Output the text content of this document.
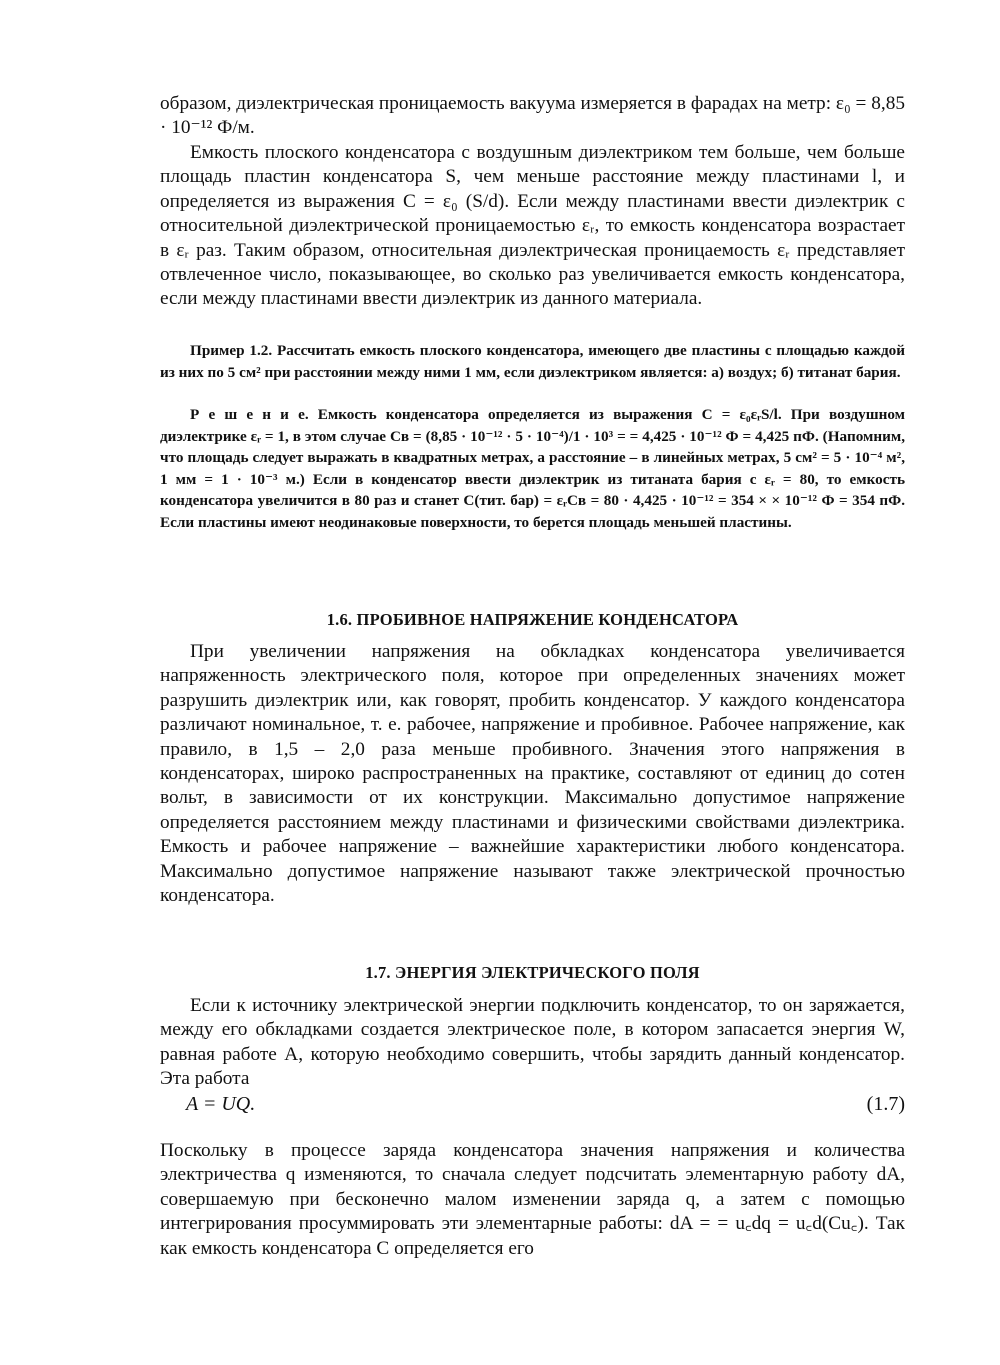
образом, диэлектрическая проницаемость вакуума измеряется в фарадах на метр: ε₀ = 8,85 · 10⁻¹² Ф/м.

Емкость плоского конденсатора с воздушным диэлектриком тем больше, чем больше площадь пластин конденсатора S, чем меньше расстояние между пластинами l, и определяется из выражения C = ε₀ (S/d). Если между пластинами ввести диэлектрик с относительной диэлектрической проницаемостью εᵣ, то емкость конденсатора возрастает в εᵣ раз. Таким образом, относительная диэлектрическая проницаемость εᵣ представляет отвлеченное число, показывающее, во сколько раз увеличивается емкость конденсатора, если между пластинами ввести диэлектрик из данного материала.

Пример 1.2. Рассчитать емкость плоского конденсатора, имеющего две пластины с площадью каждой из них по 5 см² при расстоянии между ними 1 мм, если диэлектриком является: а) воздух; б) титанат бария.

Р е ш е н и е. Емкость конденсатора определяется из выражения C = ε₀εᵣS/l. При воздушном диэлектрике εᵣ = 1, в этом случае Cв = (8,85 · 10⁻¹² · 5 · 10⁻⁴)/1 · 10³ = = 4,425 · 10⁻¹² Ф = 4,425 пФ. (Напомним, что площадь следует выражать в квадратных метрах, а расстояние – в линейных метрах, 5 см² = 5 · 10⁻⁴ м², 1 мм = 1 · 10⁻³ м.) Если в конденсатор ввести диэлектрик из титаната бария с εᵣ = 80, то емкость конденсатора увеличится в 80 раз и станет C(тит. бар) = εᵣCв = 80 · 4,425 · 10⁻¹² = 354 × × 10⁻¹² Ф = 354 пФ. Если пластины имеют неодинаковые поверхности, то берется площадь меньшей пластины.

1.6. ПРОБИВНОЕ НАПРЯЖЕНИЕ КОНДЕНСАТОРА

При увеличении напряжения на обкладках конденсатора увеличивается напряженность электрического поля, которое при определенных значениях может разрушить диэлектрик или, как говорят, пробить конденсатор. У каждого конденсатора различают номинальное, т. е. рабочее, напряжение и пробивное. Рабочее напряжение, как правило, в 1,5 – 2,0 раза меньше пробивного. Значения этого напряжения в конденсаторах, широко распространенных на практике, составляют от единиц до сотен вольт, в зависимости от их конструкции. Максимально допустимое напряжение определяется расстоянием между пластинами и физическими свойствами диэлектрика. Емкость и рабочее напряжение – важнейшие характеристики любого конденсатора. Максимально допустимое напряжение называют также электрической прочностью конденсатора.

1.7. ЭНЕРГИЯ ЭЛЕКТРИЧЕСКОГО ПОЛЯ

Если к источнику электрической энергии подключить конденсатор, то он заряжается, между его обкладками создается электрическое поле, в котором запасается энергия W, равная работе A, которую необходимо совершить, чтобы зарядить данный конденсатор. Эта работа

A = UQ.	(1.7)

Поскольку в процессе заряда конденсатора значения напряжения и количества электричества q изменяются, то сначала следует подсчитать элементарную работу dA, совершаемую при бесконечно малом изменении заряда q, а затем с помощью интегрирования просуммировать эти элементарные работы: dA = = u꜀dq = u꜀d(Cu꜀). Так как емкость конденсатора C определяется его
